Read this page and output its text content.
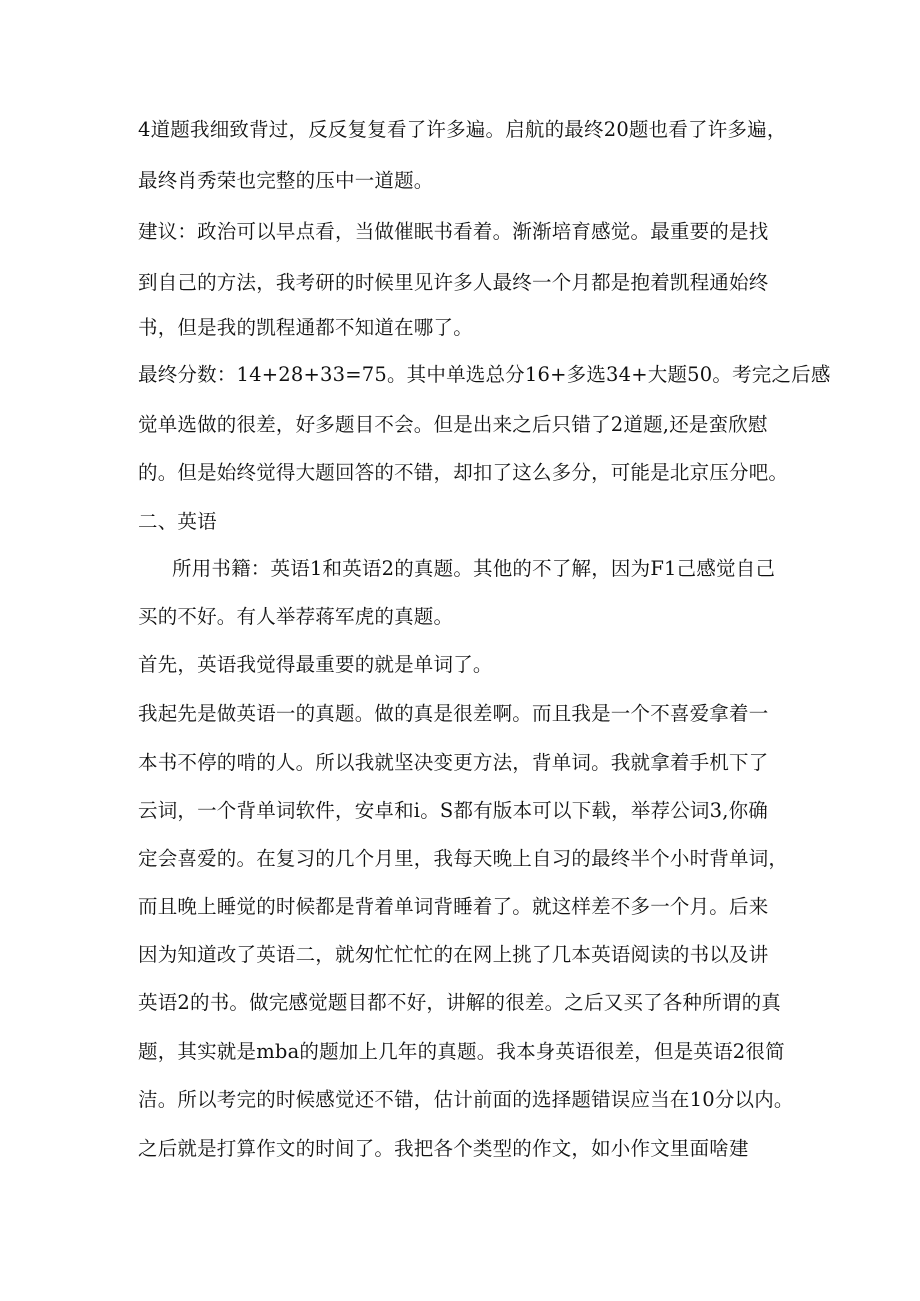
4道题我细致背过，反反复复看了许多遍。启航的最终20题也看了许多遍，
最终肖秀荣也完整的压中一道题。
建议：政治可以早点看，当做催眠书看着。渐渐培育感觉。最重要的是找
到自己的方法，我考研的时候里见许多人最终一个月都是抱着凯程通始终
书，但是我的凯程通都不知道在哪了。
最终分数：14+28+33=75。其中单选总分16+多选34+大题50。考完之后感
觉单选做的很差，好多题目不会。但是出来之后只错了2道题,还是蛮欣慰
的。但是始终觉得大题回答的不错，却扣了这么多分，可能是北京压分吧。
二、英语
所用书籍：英语1和英语2的真题。其他的不了解，因为F1己感觉自己
买的不好。有人举荐蒋军虎的真题。
首先，英语我觉得最重要的就是单词了。
我起先是做英语一的真题。做的真是很差啊。而且我是一个不喜爱拿着一
本书不停的啃的人。所以我就坚决变更方法，背单词。我就拿着手机下了
云词，一个背单词软件，安卓和i。S都有版本可以下载，举荐公词3,你确
定会喜爱的。在复习的几个月里，我每天晚上自习的最终半个小时背单词，
而且晚上睡觉的时候都是背着单词背睡着了。就这样差不多一个月。后来
因为知道改了英语二，就匆忙忙忙的在网上挑了几本英语阅读的书以及讲
英语2的书。做完感觉题目都不好，讲解的很差。之后又买了各种所谓的真
题，其实就是mba的题加上几年的真题。我本身英语很差，但是英语2很简
洁。所以考完的时候感觉还不错，估计前面的选择题错误应当在10分以内。
之后就是打算作文的时间了。我把各个类型的作文，如小作文里面啥建
